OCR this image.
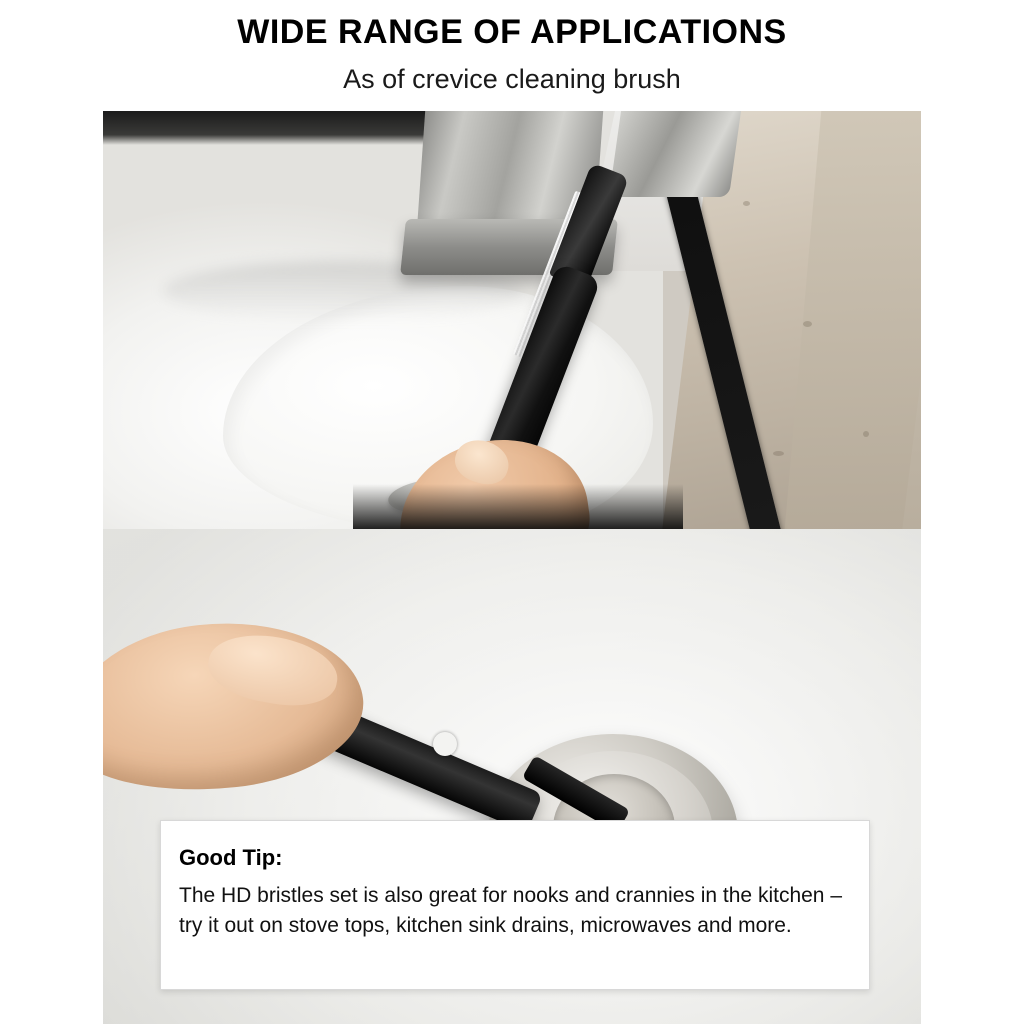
WIDE RANGE OF APPLICATIONS

As of crevice cleaning brush

Good Tip:

The HD bristles set is also great for nooks and crannies in the kitchen – try it out on stove tops, kitchen sink drains, microwaves and more.
